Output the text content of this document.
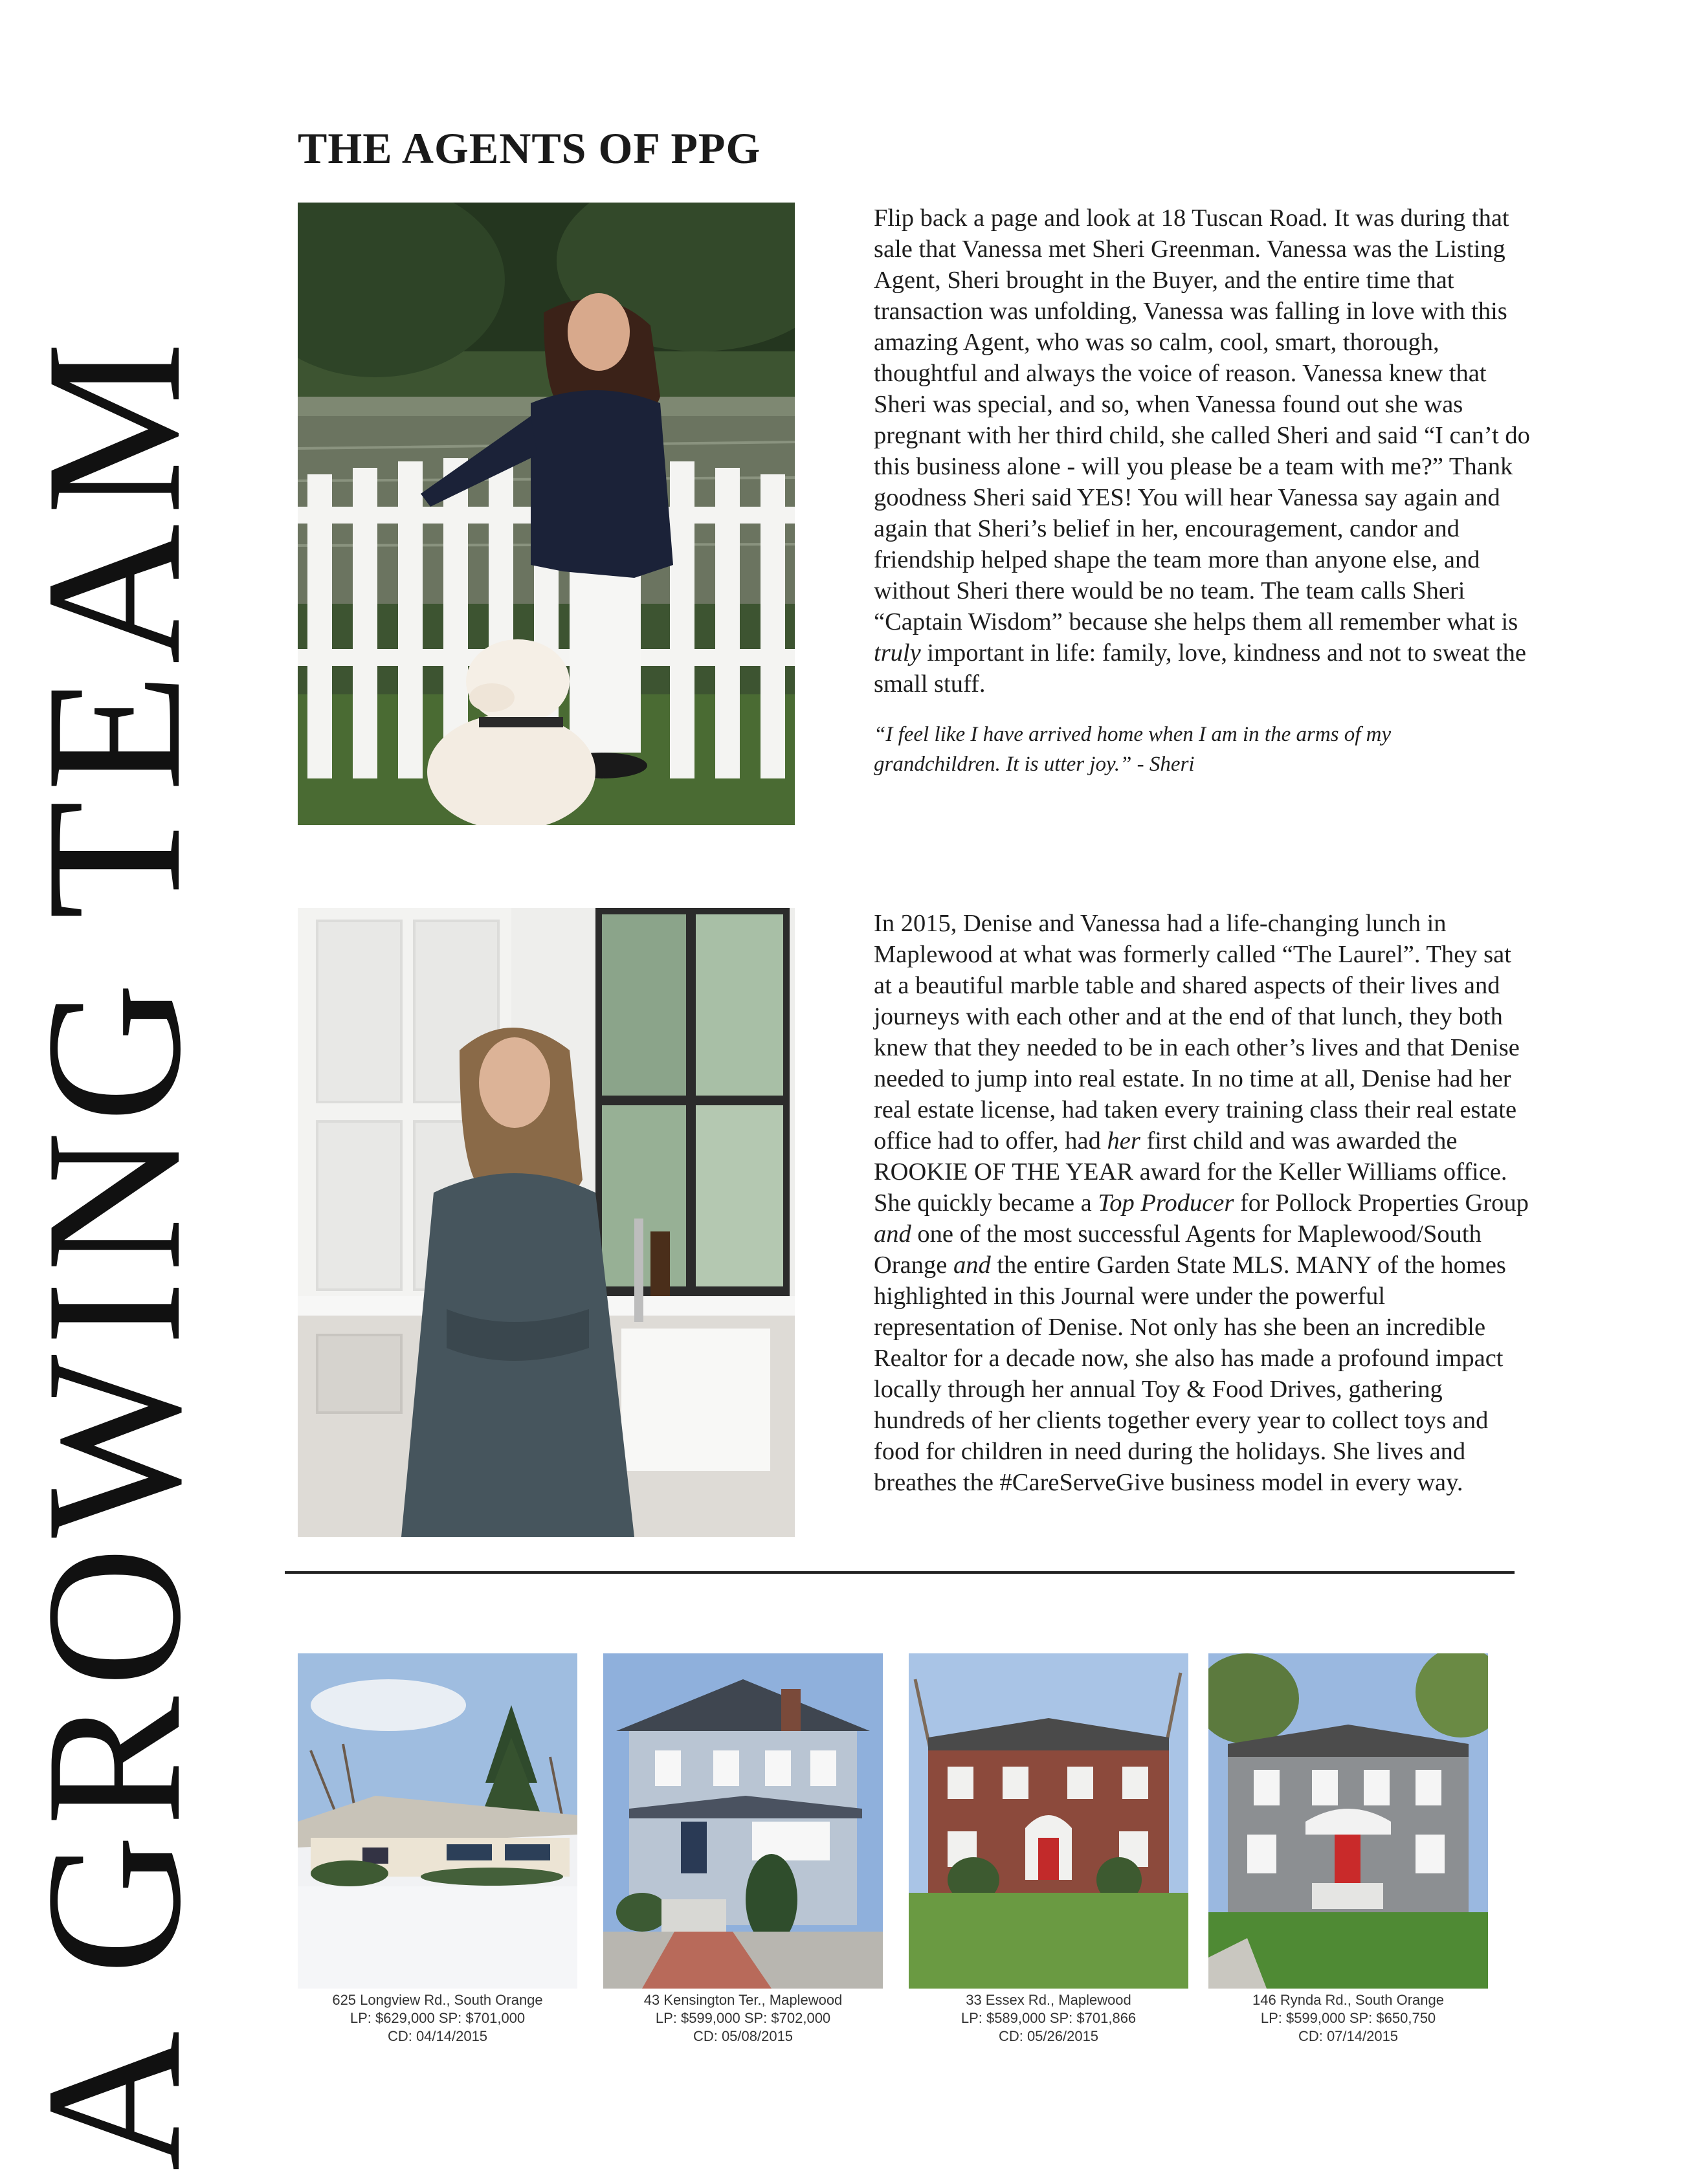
A GROWING TEAM
THE AGENTS OF PPG

Flip back a page and look at 18 Tuscan Road. It was during that sale that Vanessa met Sheri Greenman. Vanessa was the Listing Agent, Sheri brought in the Buyer, and the entire time that transaction was unfolding, Vanessa was falling in love with this amazing Agent, who was so calm, cool, smart, thorough, thoughtful and always the voice of reason. Vanessa knew that Sheri was special, and so, when Vanessa found out she was pregnant with her third child, she called Sheri and said “I can’t do this business alone - will you please be a team with me?” Thank goodness Sheri said YES! You will hear Vanessa say again and again that Sheri’s belief in her, encouragement, candor and friendship helped shape the team more than anyone else, and without Sheri there would be no team. The team calls Sheri “Captain Wisdom” because she helps them all remember what is truly important in life: family, love, kindness and not to sweat the small stuff.

“I feel like I have arrived home when I am in the arms of my grandchildren. It is utter joy.” - Sheri

In 2015, Denise and Vanessa had a life-changing lunch in Maplewood at what was formerly called “The Laurel”. They sat at a beautiful marble table and shared aspects of their lives and journeys with each other and at the end of that lunch, they both knew that they needed to be in each other’s lives and that Denise needed to jump into real estate. In no time at all, Denise had her real estate license, had taken every training class their real estate office had to offer, had her first child and was awarded the ROOKIE OF THE YEAR award for the Keller Williams office. She quickly became a Top Producer for Pollock Properties Group and one of the most successful Agents for Maplewood/South Orange and the entire Garden State MLS. MANY of the homes highlighted in this Journal were under the powerful representation of Denise. Not only has she been an incredible Realtor for a decade now, she also has made a profound impact locally through her annual Toy & Food Drives, gathering hundreds of her clients together every year to collect toys and food for children in need during the holidays. She lives and breathes the #CareServeGive business model in every way.

625 Longview Rd., South Orange
LP: $629,000 SP: $701,000
CD: 04/14/2015
43 Kensington Ter., Maplewood
LP: $599,000 SP: $702,000
CD: 05/08/2015
33 Essex Rd., Maplewood
LP: $589,000 SP: $701,866
CD: 05/26/2015
146 Rynda Rd., South Orange
LP: $599,000 SP: $650,750
CD: 07/14/2015
